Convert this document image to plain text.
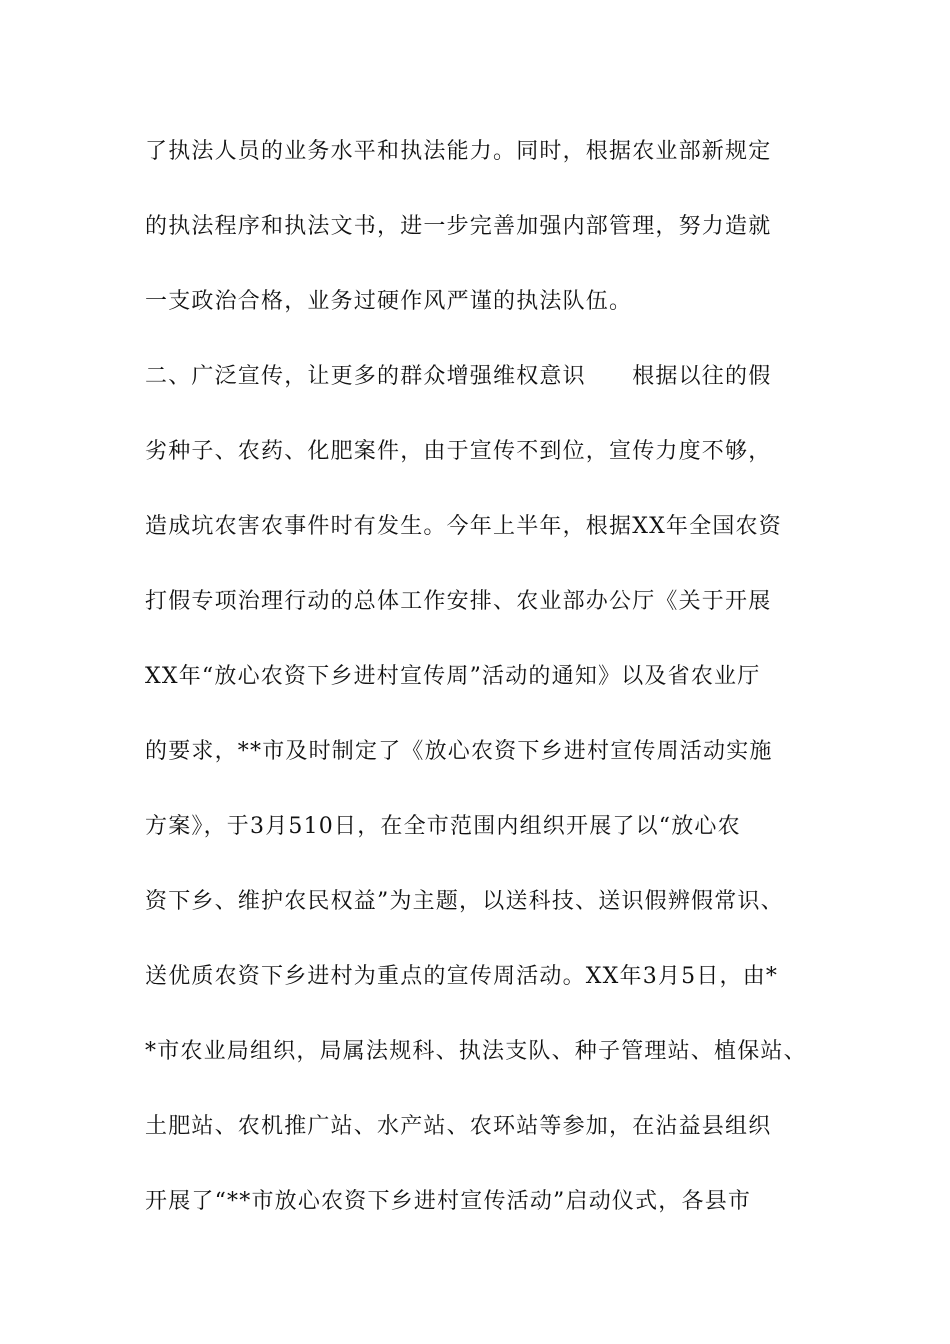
了执法人员的业务水平和执法能力。同时，根据农业部新规定
的执法程序和执法文书，进一步完善加强内部管理，努力造就
一支政治合格，业务过硬作风严谨的执法队伍。
二、广泛宣传，让更多的群众增强维权意识　　根据以往的假
劣种子、农药、化肥案件，由于宣传不到位，宣传力度不够，
造成坑农害农事件时有发生。今年上半年，根据XX年全国农资
打假专项治理行动的总体工作安排、农业部办公厅《关于开展
XX年“放心农资下乡进村宣传周”活动的通知》以及省农业厅
的要求，**市及时制定了《放心农资下乡进村宣传周活动实施
方案》，于3月510日，在全市范围内组织开展了以“放心农
资下乡、维护农民权益”为主题，以送科技、送识假辨假常识、
送优质农资下乡进村为重点的宣传周活动。XX年3月5日，由*
*市农业局组织，局属法规科、执法支队、种子管理站、植保站、
土肥站、农机推广站、水产站、农环站等参加，在沾益县组织
开展了“**市放心农资下乡进村宣传活动”启动仪式，各县市
